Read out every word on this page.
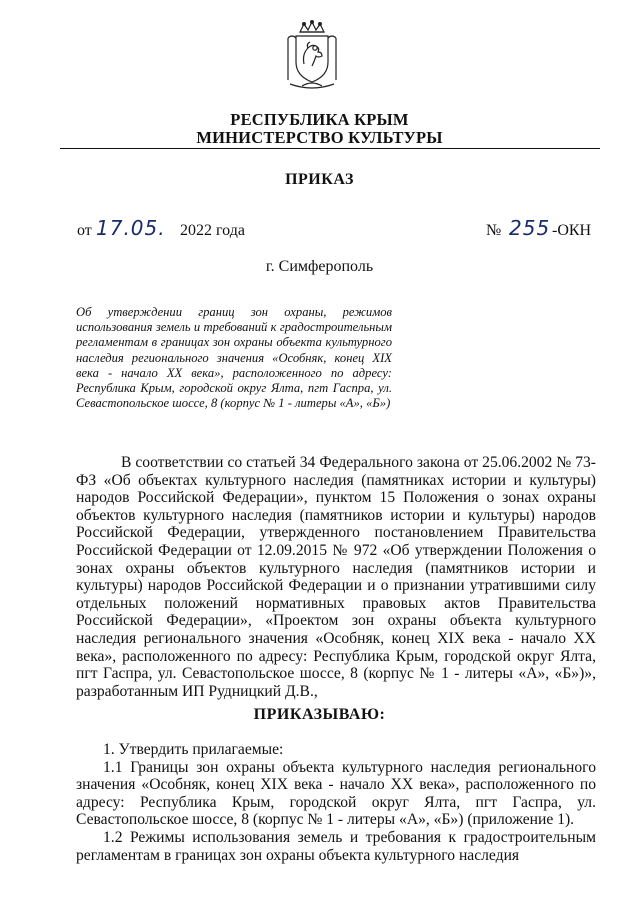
РЕСПУБЛИКА КРЫМ
МИНИСТЕРСТВО КУЛЬТУРЫ
ПРИКАЗ
от 17.05. 2022 года	№ 255 -ОКН
г. Симферополь
Об утверждении границ зон охраны, режимов использования земель и требований к градостроительным регламентам в границах зон охраны объекта культурного наследия регионального значения «Особняк, конец XIX века - начало XX века», расположенного по адресу: Республика Крым, городской округ Ялта, пгт Гаспра, ул. Севастопольское шоссе, 8 (корпус № 1 - литеры «А», «Б»)

В соответствии со статьей 34 Федерального закона от 25.06.2002 № 73-ФЗ «Об объектах культурного наследия (памятниках истории и культуры) народов Российской Федерации», пунктом 15 Положения о зонах охраны объектов культурного наследия (памятников истории и культуры) народов Российской Федерации, утвержденного постановлением Правительства Российской Федерации от 12.09.2015 № 972 «Об утверждении Положения о зонах охраны объектов культурного наследия (памятников истории и культуры) народов Российской Федерации и о признании утратившими силу отдельных положений нормативных правовых актов Правительства Российской Федерации», «Проектом зон охраны объекта культурного наследия регионального значения «Особняк, конец XIX века - начало XX века», расположенного по адресу: Республика Крым, городской округ Ялта, пгт Гаспра, ул. Севастопольское шоссе, 8 (корпус № 1 - литеры «А», «Б»)», разработанным ИП Рудницкий Д.В.,

ПРИКАЗЫВАЮ:

1. Утвердить прилагаемые:

1.1 Границы зон охраны объекта культурного наследия регионального значения «Особняк, конец XIX века - начало XX века», расположенного по адресу: Республика Крым, городской округ Ялта, пгт Гаспра, ул. Севастопольское шоссе, 8 (корпус № 1 - литеры «А», «Б») (приложение 1).

1.2 Режимы использования земель и требования к градостроительным регламентам в границах зон охраны объекта культурного наследия
